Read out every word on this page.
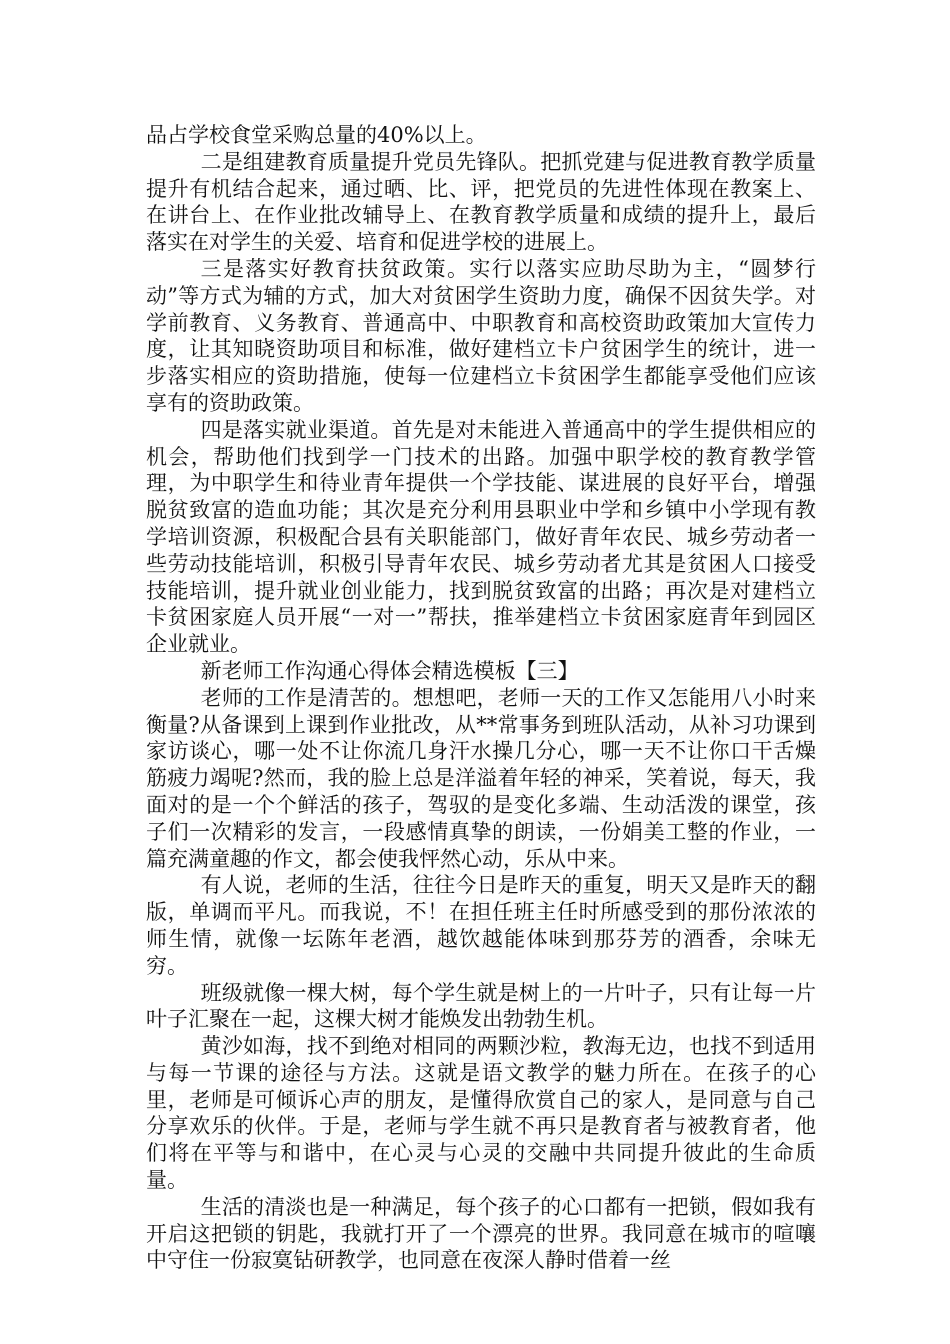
品占学校食堂采购总量的40%以上。

二是组建教育质量提升党员先锋队。把抓党建与促进教育教学质量提升有机结合起来，通过晒、比、评，把党员的先进性体现在教案上、在讲台上、在作业批改辅导上、在教育教学质量和成绩的提升上，最后落实在对学生的关爱、培育和促进学校的进展上。

三是落实好教育扶贫政策。实行以落实应助尽助为主，“圆梦行动”等方式为辅的方式，加大对贫困学生资助力度，确保不因贫失学。对学前教育、义务教育、普通高中、中职教育和高校资助政策加大宣传力度，让其知晓资助项目和标准，做好建档立卡户贫困学生的统计，进一步落实相应的资助措施，使每一位建档立卡贫困学生都能享受他们应该享有的资助政策。

四是落实就业渠道。首先是对未能进入普通高中的学生提供相应的机会，帮助他们找到学一门技术的出路。加强中职学校的教育教学管理，为中职学生和待业青年提供一个学技能、谋进展的良好平台，增强脱贫致富的造血功能；其次是充分利用县职业中学和乡镇中小学现有教学培训资源，积极配合县有关职能部门，做好青年农民、城乡劳动者一些劳动技能培训，积极引导青年农民、城乡劳动者尤其是贫困人口接受技能培训，提升就业创业能力，找到脱贫致富的出路；再次是对建档立卡贫困家庭人员开展“一对一”帮扶，推举建档立卡贫困家庭青年到园区企业就业。

新老师工作沟通心得体会精选模板【三】

老师的工作是清苦的。想想吧，老师一天的工作又怎能用八小时来衡量?从备课到上课到作业批改，从**常事务到班队活动，从补习功课到家访谈心，哪一处不让你流几身汗水操几分心，哪一天不让你口干舌燥筋疲力竭呢?然而，我的脸上总是洋溢着年轻的神采，笑着说，每天，我面对的是一个个鲜活的孩子，驾驭的是变化多端、生动活泼的课堂，孩子们一次精彩的发言，一段感情真挚的朗读，一份娟美工整的作业，一篇充满童趣的作文，都会使我怦然心动，乐从中来。

有人说，老师的生活，往往今日是昨天的重复，明天又是昨天的翻版，单调而平凡。而我说，不！在担任班主任时所感受到的那份浓浓的师生情，就像一坛陈年老酒，越饮越能体味到那芬芳的酒香，余味无穷。

班级就像一棵大树，每个学生就是树上的一片叶子，只有让每一片叶子汇聚在一起，这棵大树才能焕发出勃勃生机。

黄沙如海，找不到绝对相同的两颗沙粒，教海无边，也找不到适用与每一节课的途径与方法。这就是语文教学的魅力所在。在孩子的心里，老师是可倾诉心声的朋友，是懂得欣赏自己的家人，是同意与自己分享欢乐的伙伴。于是，老师与学生就不再只是教育者与被教育者，他们将在平等与和谐中，在心灵与心灵的交融中共同提升彼此的生命质量。

生活的清淡也是一种满足，每个孩子的心口都有一把锁，假如我有开启这把锁的钥匙，我就打开了一个漂亮的世界。我同意在城市的喧嚷中守住一份寂寞钻研教学，也同意在夜深人静时借着一丝
